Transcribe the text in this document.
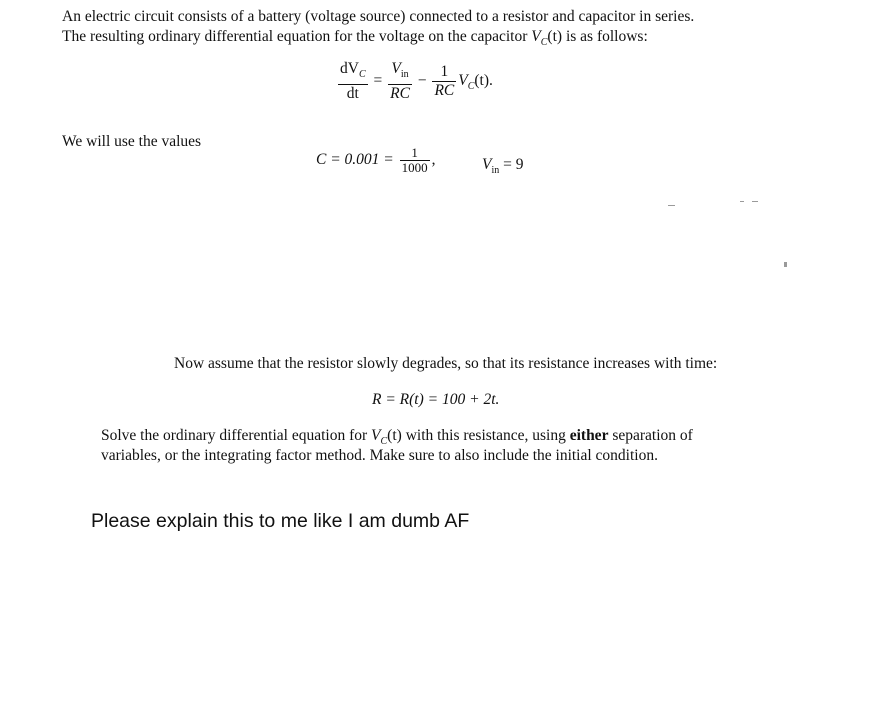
An electric circuit consists of a battery (voltage source) connected to a resistor and capacitor in series.
The resulting ordinary differential equation for the voltage on the capacitor $V_C(t)$ is as follows:
$\frac{dV_C}{dt} = \frac{V_{in}}{RC} - \frac{1}{RC} V_C(t)$.
We will use the values
$C = 0.001 = \frac{1}{1000}$ ,	$V_{in} = 9$
Now assume that the resistor slowly degrades, so that its resistance increases with time:
R = R(t) = 100 + 2t.
Solve the ordinary differential equation for $V_C(t)$ with this resistance, using either separation of
variables, or the integrating factor method. Make sure to also include the initial condition.
Please explain this to me like I am dumb AF
